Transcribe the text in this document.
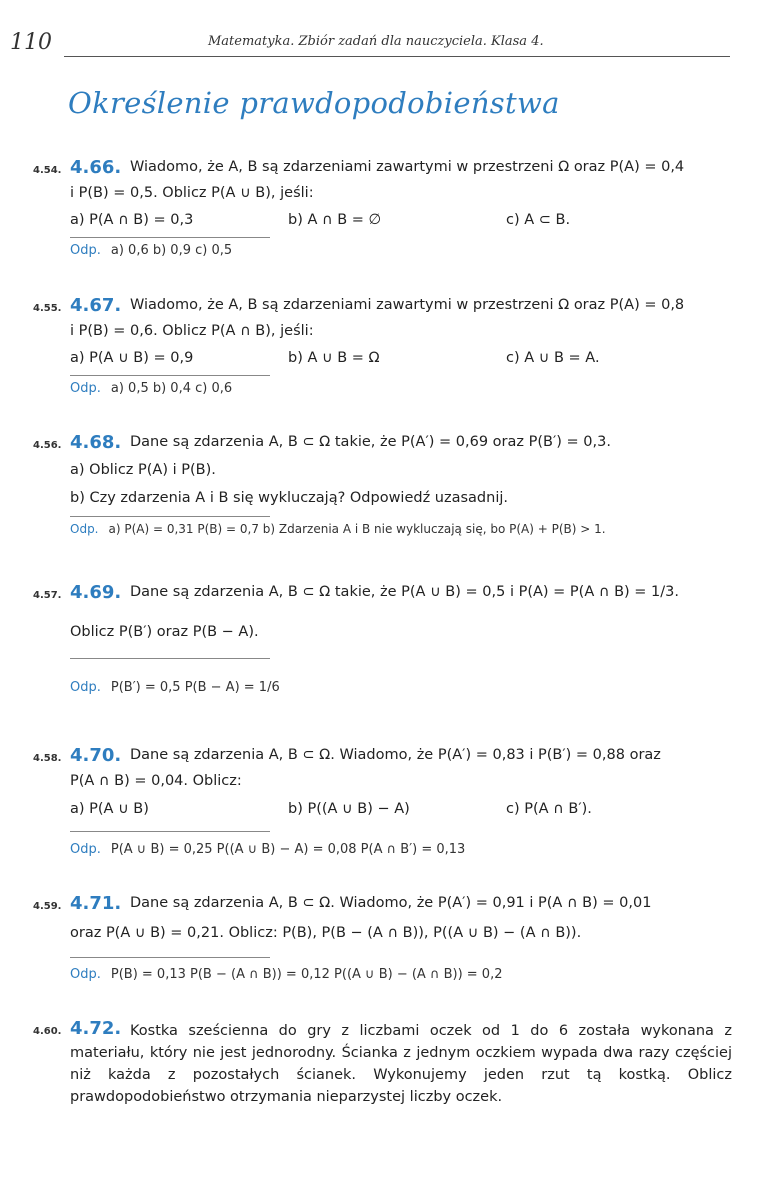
110	Matematyka. Zbiór zadań dla nauczyciela. Klasa 4.
Określenie prawdopodobieństwa
4.54. 4.66. Wiadomo, że A, B są zdarzeniami zawartymi w przestrzeni Ω oraz P(A) = 0,4
i P(B) = 0,5. Oblicz P(A ∪ B), jeśli:
a) P(A ∩ B) = 0,3	b) A ∩ B = ∅	c) A ⊂ B.
Odp. a) 0,6 b) 0,9 c) 0,5
4.55. 4.67. Wiadomo, że A, B są zdarzeniami zawartymi w przestrzeni Ω oraz P(A) = 0,8
i P(B) = 0,6. Oblicz P(A ∩ B), jeśli:
a) P(A ∪ B) = 0,9	b) A ∪ B = Ω	c) A ∪ B = A.
Odp. a) 0,5 b) 0,4 c) 0,6
4.56. 4.68. Dane są zdarzenia A, B ⊂ Ω takie, że P(A′) = 0,69 oraz P(B′) = 0,3.
a) Oblicz P(A) i P(B).
b) Czy zdarzenia A i B się wykluczają? Odpowiedź uzasadnij.
Odp. a) P(A) = 0,31 P(B) = 0,7 b) Zdarzenia A i B nie wykluczają się, bo P(A) + P(B) > 1.
4.57. 4.69. Dane są zdarzenia A, B ⊂ Ω takie, że P(A ∪ B) = 0,5 i P(A) = P(A ∩ B) = 1/3.
Oblicz P(B′) oraz P(B − A).
Odp. P(B′) = 0,5 P(B − A) = 1/6
4.58. 4.70. Dane są zdarzenia A, B ⊂ Ω. Wiadomo, że P(A′) = 0,83 i P(B′) = 0,88 oraz
P(A ∩ B) = 0,04. Oblicz:
a) P(A ∪ B)	b) P((A ∪ B) − A)	c) P(A ∩ B′).
Odp. P(A ∪ B) = 0,25 P((A ∪ B) − A) = 0,08 P(A ∩ B′) = 0,13
4.59. 4.71. Dane są zdarzenia A, B ⊂ Ω. Wiadomo, że P(A′) = 0,91 i P(A ∩ B) = 0,01
oraz P(A ∪ B) = 0,21. Oblicz: P(B), P(B − (A ∩ B)), P((A ∪ B) − (A ∩ B)).
Odp. P(B) = 0,13 P(B − (A ∩ B)) = 0,12 P((A ∪ B) − (A ∩ B)) = 0,2
4.60. 4.72. Kostka sześcienna do gry z liczbami oczek od 1 do 6 została wykonana z materiału, który nie jest jednorodny. Ścianka z jednym oczkiem wypada dwa razy częściej niż każda z pozostałych ścianek. Wykonujemy jeden rzut tą kostką. Oblicz prawdopodobieństwo otrzymania nieparzystej liczby oczek.
